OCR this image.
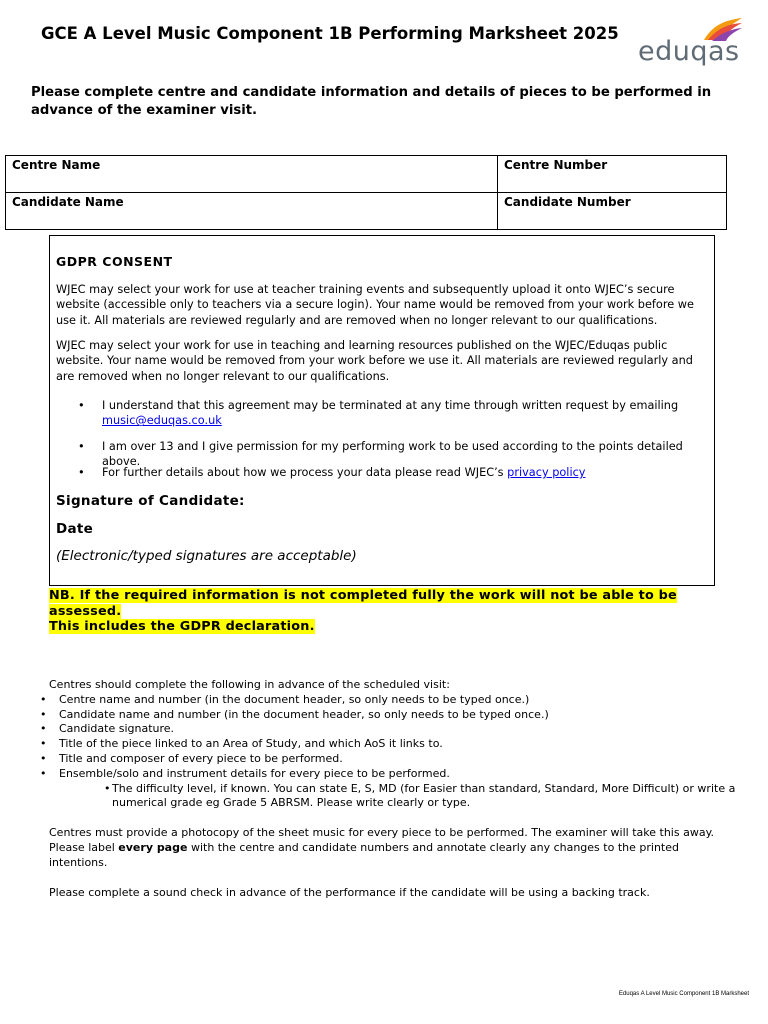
GCE A Level Music Component 1B Performing Marksheet 2025
eduqas
Please complete centre and candidate information and details of pieces to be performed in advance of the examiner visit.
Centre Name	Centre Number
Candidate Name	Candidate Number
GDPR CONSENT

WJEC may select your work for use at teacher training events and subsequently upload it onto WJEC’s secure website (accessible only to teachers via a secure login). Your name would be removed from your work before we use it. All materials are reviewed regularly and are removed when no longer relevant to our qualifications.

WJEC may select your work for use in teaching and learning resources published on the WJEC/Eduqas public website. Your name would be removed from your work before we use it. All materials are reviewed regularly and are removed when no longer relevant to our qualifications.

• I understand that this agreement may be terminated at any time through written request by emailing
music@eduqas.co.uk
• I am over 13 and I give permission for my performing work to be used according to the points detailed above.
• For further details about how we process your data please read WJEC’s privacy policy
Signature of Candidate:
Date
(Electronic/typed signatures are acceptable)
NB. If the required information is not completed fully the work will not be able to be assessed.
This includes the GDPR declaration.

Centres should complete the following in advance of the scheduled visit:

• Centre name and number (in the document header, so only needs to be typed once.)
• Candidate name and number (in the document header, so only needs to be typed once.)
• Candidate signature.
• Title of the piece linked to an Area of Study, and which AoS it links to.
• Title and composer of every piece to be performed.
• Ensemble/solo and instrument details for every piece to be performed.
• The difficulty level, if known. You can state E, S, MD (for Easier than standard, Standard, More Difficult) or write a numerical grade eg Grade 5 ABRSM. Please write clearly or type.

Centres must provide a photocopy of the sheet music for every piece to be performed. The examiner will take this away. Please label every page with the centre and candidate numbers and annotate clearly any changes to the printed intentions.

Please complete a sound check in advance of the performance if the candidate will be using a backing track.

Eduqas A Level Music Component 1B Marksheet
